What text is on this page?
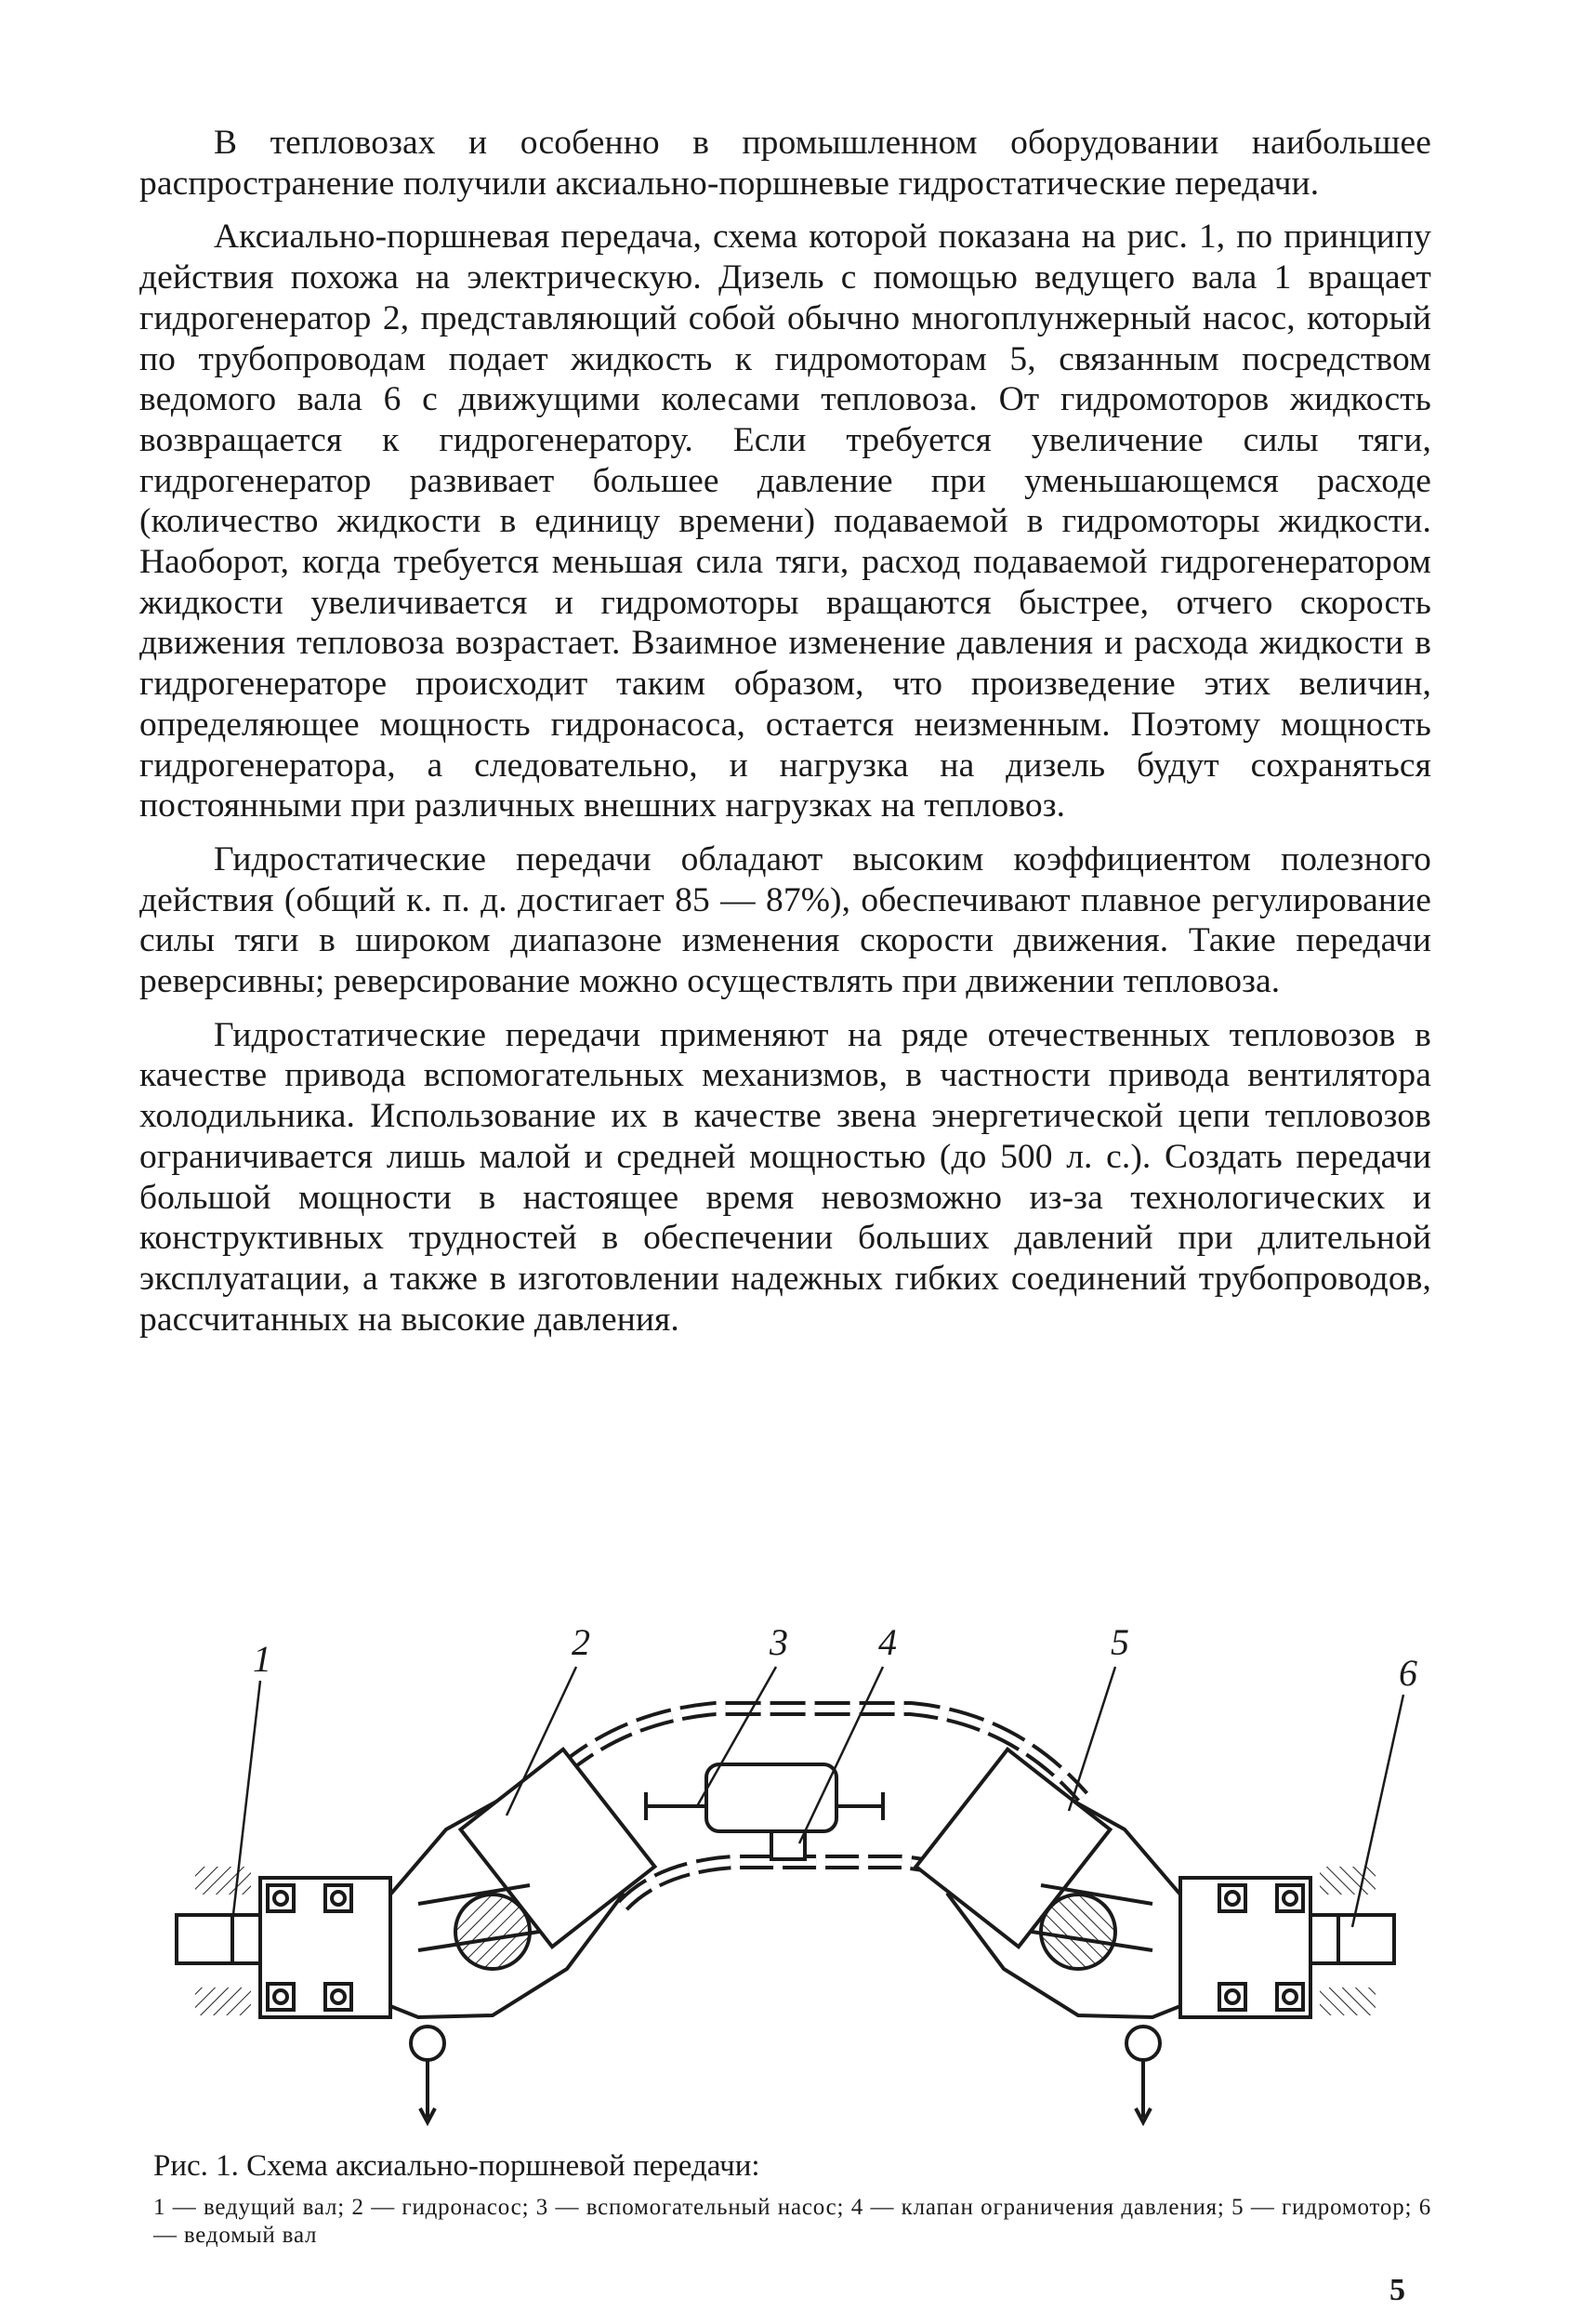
В тепловозах и особенно в промышленном оборудовании наибольшее распространение получили аксиально-поршневые гидростатические передачи.

Аксиально-поршневая передача, схема которой показана на рис. 1, по принципу действия похожа на электрическую. Дизель с помощью ведущего вала 1 вращает гидрогенератор 2, представляющий собой обычно многоплунжерный насос, который по трубопроводам подает жидкость к гидромоторам 5, связанным посредством ведомого вала 6 с движущими колесами тепловоза. От гидромоторов жидкость возвращается к гидрогенератору. Если требуется увеличение силы тяги, гидрогенератор развивает большее давление при уменьшающемся расходе (количество жидкости в единицу времени) подаваемой в гидромоторы жидкости. Наоборот, когда требуется меньшая сила тяги, расход подаваемой гидрогенератором жидкости увеличивается и гидромоторы вращаются быстрее, отчего скорость движения тепловоза возрастает. Взаимное изменение давления и расхода жидкости в гидрогенераторе происходит таким образом, что произведение этих величин, определяющее мощность гидронасоса, остается неизменным. Поэтому мощность гидрогенератора, а следовательно, и нагрузка на дизель будут сохраняться постоянными при различных внешних нагрузках на тепловоз.

Гидростатические передачи обладают высоким коэффициентом полезного действия (общий к. п. д. достигает 85 — 87%), обеспечивают плавное регулирование силы тяги в широком диапазоне изменения скорости движения. Такие передачи реверсивны; реверсирование можно осуществлять при движении тепловоза.

Гидростатические передачи применяют на ряде отечественных тепловозов в качестве привода вспомогательных механизмов, в частности привода вентилятора холодильника. Использование их в качестве звена энергетической цепи тепловозов ограничивается лишь малой и средней мощностью (до 500 л. с.). Создать передачи большой мощности в настоящее время невозможно из-за технологических и конструктивных трудностей в обеспечении больших давлений при длительной эксплуатации, а также в изготовлении надежных гибких соединений трубопроводов, рассчитанных на высокие давления.

1	2	3 4	5
6

Рис. 1. Схема аксиально-поршневой передачи:

1 — ведущий вал; 2 — гидронасос; 3 — вспомогательный насос; 4 — клапан ограничения давления; 5 — гидромотор; 6 — ведомый вал

5
